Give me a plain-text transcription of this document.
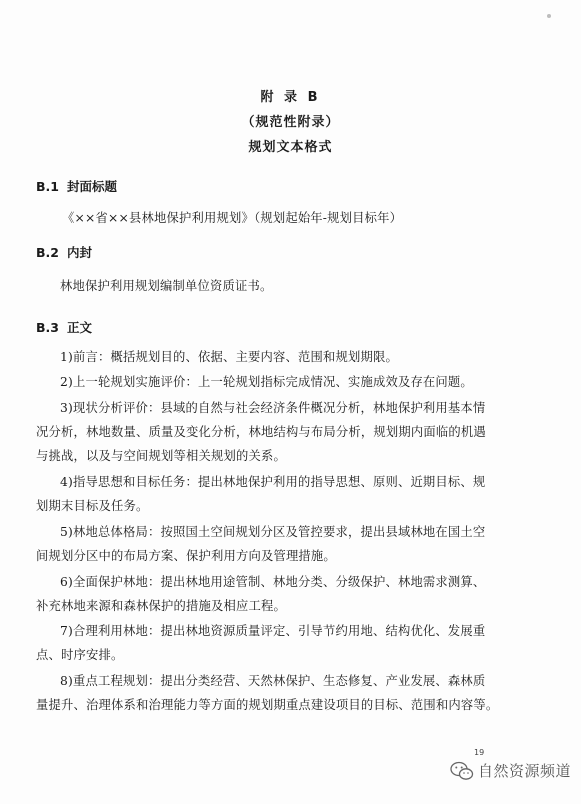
附 录 B
（规范性附录）
规划文本格式
B.1 封面标题
《××省××县林地保护利用规划》（规划起始年-规划目标年）
B.2 内封
林地保护利用规划编制单位资质证书。
B.3 正文
1)前言：概括规划目的、依据、主要内容、范围和规划期限。
2)上一轮规划实施评价：上一轮规划指标完成情况、实施成效及存在问题。
3)现状分析评价：县域的自然与社会经济条件概况分析，林地保护利用基本情
况分析，林地数量、质量及变化分析，林地结构与布局分析，规划期内面临的机遇
与挑战，以及与空间规划等相关规划的关系。
4)指导思想和目标任务：提出林地保护利用的指导思想、原则、近期目标、规
划期末目标及任务。
5)林地总体格局：按照国土空间规划分区及管控要求，提出县域林地在国土空
间规划分区中的布局方案、保护利用方向及管理措施。
6)全面保护林地：提出林地用途管制、林地分类、分级保护、林地需求测算、
补充林地来源和森林保护的措施及相应工程。
7)合理利用林地：提出林地资源质量评定、引导节约用地、结构优化、发展重
点、时序安排。
8)重点工程规划：提出分类经营、天然林保护、生态修复、产业发展、森林质
量提升、治理体系和治理能力等方面的规划期重点建设项目的目标、范围和内容等。
19
自然资源频道
